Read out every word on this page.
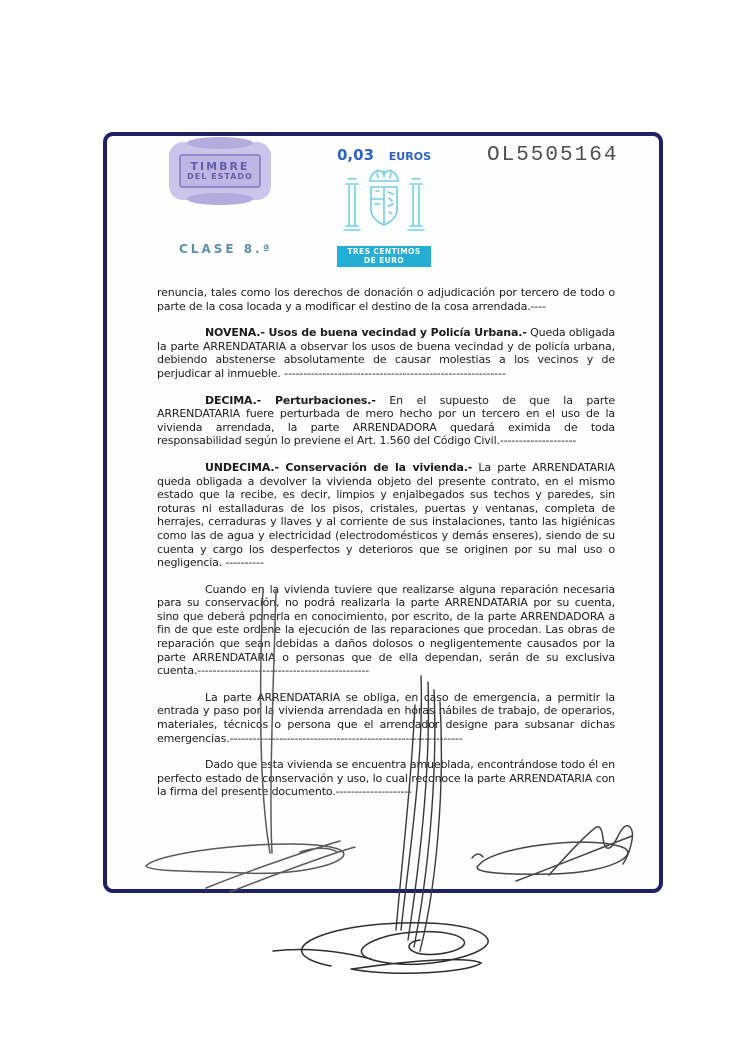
TIMBRE
DEL ESTADO
0,03 EUROS
TRES CENTIMOS
DE EURO
OL5505164
CLASE 8.ª

renuncia, tales como los derechos de donación o adjudicación por tercero de todo o parte de la cosa locada y a modificar el destino de la cosa arrendada.----

NOVENA.- Usos de buena vecindad y Policía Urbana.- Queda obligada la parte ARRENDATARIA a observar los usos de buena vecindad y de policía urbana, debiendo abstenerse absolutamente de causar molestias a los vecinos y de perjudicar al inmueble. ----------------------------------------------------------

DECIMA.- Perturbaciones.- En el supuesto de que la parte ARRENDATARIA fuere perturbada de mero hecho por un tercero en el uso de la vivienda arrendada, la parte ARRENDADORA quedará eximida de toda responsabilidad según lo previene el Art. 1.560 del Código Civil.--------------------

UNDECIMA.- Conservación de la vivienda.- La parte ARRENDATARIA queda obligada a devolver la vivienda objeto del presente contrato, en el mismo estado que la recibe, es decir, limpios y enjalbegados sus techos y paredes, sin roturas ni estalladuras de los pisos, cristales, puertas y ventanas, completa de herrajes, cerraduras y llaves y al corriente de sus instalaciones, tanto las higiénicas como las de agua y electricidad (electrodomésticos y demás enseres), siendo de su cuenta y cargo los desperfectos y deterioros que se originen por su mal uso o negligencia. ----------

Cuando en la vivienda tuviere que realizarse alguna reparación necesaria para su conservación, no podrá realizarla la parte ARRENDATARIA por su cuenta, sino que deberá ponerla en conocimiento, por escrito, de la parte ARRENDADORA a fin de que este ordene la ejecución de las reparaciones que procedan. Las obras de reparación que sean debidas a daños dolosos o negligentemente causados por la parte ARRENDATARIA o personas que de ella dependan, serán de su exclusiva cuenta.---------------------------------------------

La parte ARRENDATARIA se obliga, en caso de emergencia, a permitir la entrada y paso por la vivienda arrendada en horas hábiles de trabajo, de operarios, materiales, técnicos o persona que el arrendador designe para subsanar dichas emergencias.-------------------------------------------------------------

Dado que esta vivienda se encuentra amueblada, encontrándose todo él en perfecto estado de conservación y uso, lo cual reconoce la parte ARRENDATARIA con la firma del presente documento.--------------------
